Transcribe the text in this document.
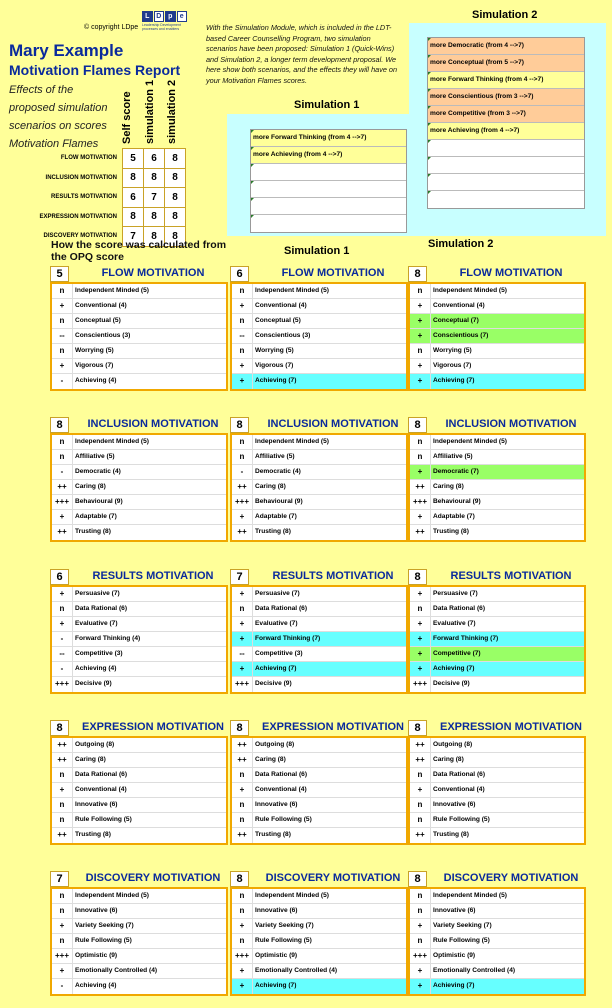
© copyright LDpe
L D p	e
Leadership Development processes and enablers
Mary Example
Motivation Flames Report
Effects of the proposed simulation scenarios on scores Motivation Flames
With the Simulation Module, which is included in the LDT-based Career Counselling Program, two simulation scenarios have been proposed: Simulation 1 (Quick-Wins) and Simulation 2, a longer term development proposal. We here show both scenarios, and the effects they will have on your Motivation Flames scores.
Self score simulation 1 simulation 2
FLOW MOTIVATION	5	6	8
INCLUSION MOTIVATION	8	8	8
RESULTS MOTIVATION	6	7	8
EXPRESSION MOTIVATION	8	8	8
DISCOVERY MOTIVATION	7	8	8
Simulation 2
Simulation 1
more Forward Thinking (from 4 -->7)
more Achieving (from 4 -->7)
more Democratic (from 4 -->7)
more Conceptual (from 5 -->7)
more Forward Thinking (from 4 -->7)
more Conscientious (from 3 -->7)
more Competitive (from 3 -->7)
more Achieving (from 4 -->7)
How the score was calculated from the OPQ score	Simulation 1
Simulation 2
5	FLOW MOTIVATION
n	Independent Minded (5)
+	Conventional (4)
n	Conceptual (5)
--	Conscientious (3)
n	Worrying (5)
+	Vigorous (7)
-	Achieving (4)
6	FLOW MOTIVATION
n	Independent Minded (5)
+	Conventional (4)
n	Conceptual (5)
--	Conscientious (3)
n	Worrying (5)
+	Vigorous (7)
+	Achieving (7)
8	FLOW MOTIVATION
n	Independent Minded (5)
+	Conventional (4)
+	Conceptual (7)
+	Conscientious (7)
n	Worrying (5)
+	Vigorous (7)
+	Achieving (7)
8	INCLUSION MOTIVATION
n	Independent Minded (5)
n	Affiliative (5)
-	Democratic (4)
++	Caring (8)
+++ Behavioural (9)
+	Adaptable (7)
++	Trusting (8)
8	INCLUSION MOTIVATION
n	Independent Minded (5)
n	Affiliative (5)
-	Democratic (4)
++	Caring (8)
+++ Behavioural (9)
+	Adaptable (7)
++	Trusting (8)
8	INCLUSION MOTIVATION
n	Independent Minded (5)
n	Affiliative (5)
+	Democratic (7)
++	Caring (8)
+++ Behavioural (9)
+	Adaptable (7)
++	Trusting (8)
6	RESULTS MOTIVATION
+	Persuasive (7)
n	Data Rational (6)
+	Evaluative (7)
-	Forward Thinking (4)
--	Competitive (3)
-	Achieving (4)
+++ Decisive (9)
7	RESULTS MOTIVATION
+	Persuasive (7)
n	Data Rational (6)
+	Evaluative (7)
+	Forward Thinking (7)
--	Competitive (3)
+	Achieving (7)
+++ Decisive (9)
8	RESULTS MOTIVATION
+	Persuasive (7)
n	Data Rational (6)
+	Evaluative (7)
+	Forward Thinking (7)
+	Competitive (7)
+	Achieving (7)
+++ Decisive (9)
8	EXPRESSION MOTIVATION
++	Outgoing (8)
++	Caring (8)
n	Data Rational (6)
+	Conventional (4)
n	Innovative (6)
n	Rule Following (5)
++	Trusting (8)
8	EXPRESSION MOTIVATION
++	Outgoing (8)
++	Caring (8)
n	Data Rational (6)
+	Conventional (4)
n	Innovative (6)
n	Rule Following (5)
++	Trusting (8)
8	EXPRESSION MOTIVATION
++	Outgoing (8)
++	Caring (8)
n	Data Rational (6)
+	Conventional (4)
n	Innovative (6)
n	Rule Following (5)
++	Trusting (8)
7	DISCOVERY MOTIVATION
n	Independent Minded (5)
n	Innovative (6)
+	Variety Seeking (7)
n	Rule Following (5)
+++ Optimistic (9)
+	Emotionally Controlled (4)
-	Achieving (4)
8	DISCOVERY MOTIVATION
n	Independent Minded (5)
n	Innovative (6)
+	Variety Seeking (7)
n	Rule Following (5)
+++ Optimistic (9)
+	Emotionally Controlled (4)
+	Achieving (7)
8	DISCOVERY MOTIVATION
n	Independent Minded (5)
n	Innovative (6)
+	Variety Seeking (7)
n	Rule Following (5)
+++ Optimistic (9)
+	Emotionally Controlled (4)
+	Achieving (7)
